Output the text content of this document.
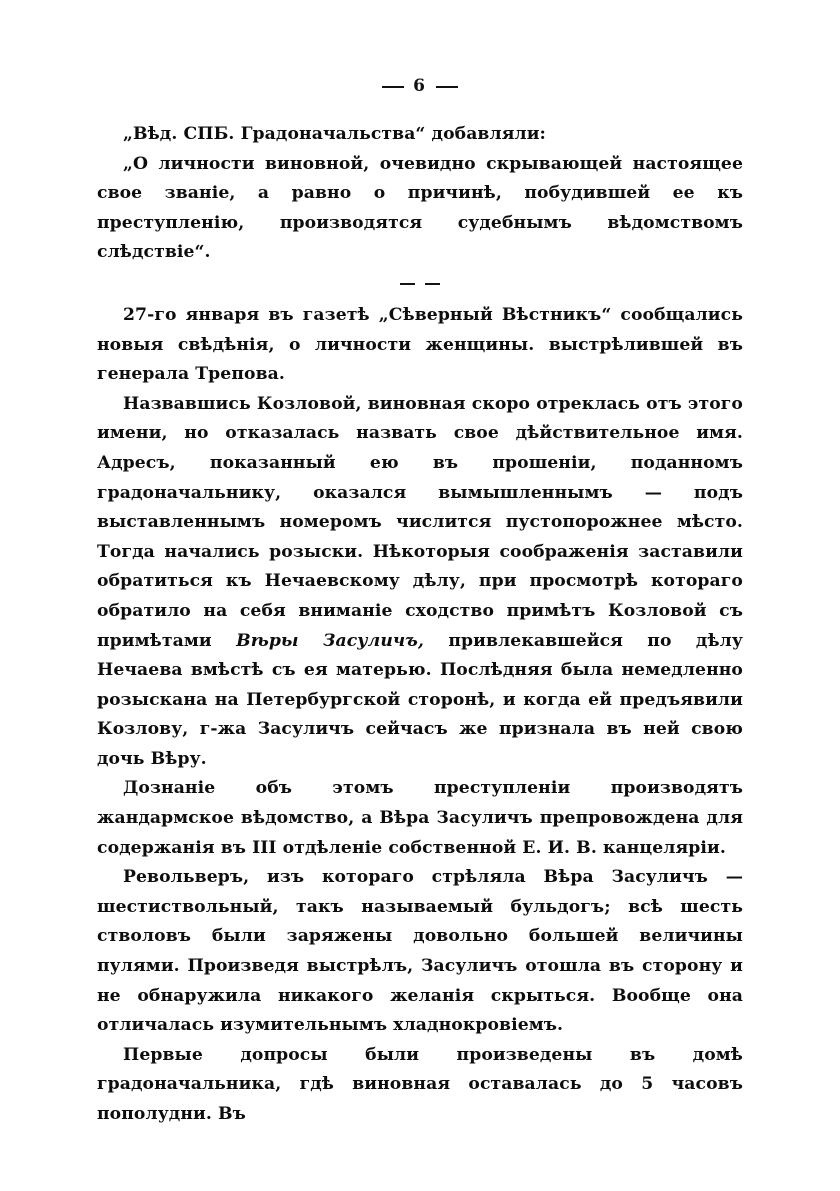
6

„Вѣд. СПБ. Градоначальства“ добавляли:

„О личности виновной, очевидно скрывающей настоящее свое званіе, а равно о причинѣ, побудившей ее къ преступленію, производятся судебнымъ вѣдомствомъ слѣдствіе“.

27-го января въ газетѣ „Сѣверный Вѣстникъ“ сообщались новыя свѣдѣнія, о личности женщины. выстрѣлившей въ генерала Трепова.

Назвавшись Козловой, виновная скоро отреклась отъ этого имени, но отказалась назвать свое дѣйствительное имя. Адресъ, показанный ею въ прошеніи, поданномъ градоначальнику, оказался вымышленнымъ — подъ выставленнымъ номеромъ числится пустопорожнее мѣсто. Тогда начались розыски. Нѣкоторыя соображенія заставили обратиться къ Нечаевскому дѣлу, при просмотрѣ котораго обратило на себя вниманіе сходство примѣтъ Козловой съ примѣтами Вѣры Засуличъ, привлекавшейся по дѣлу Нечаева вмѣстѣ съ ея матерью. Послѣдняя была немедленно розыскана на Петербургской сторонѣ, и когда ей предъявили Козлову, г-жа Засуличъ сейчасъ же признала въ ней свою дочь Вѣру.

Дознаніе объ этомъ преступленіи производятъ жандармское вѣдомство, а Вѣра Засуличъ препровождена для содержанія въ III отдѣленіе собственной Е. И. В. канцеляріи.

Револьверъ, изъ котораго стрѣляла Вѣра Засуличъ — шестиствольный, такъ называемый бульдогъ; всѣ шесть стволовъ были заряжены довольно большей величины пулями. Произведя выстрѣлъ, Засуличъ отошла въ сторону и не обнаружила никакого желанія скрыться. Вообще она отличалась изумительнымъ хладнокровіемъ.

Первые допросы были произведены въ домѣ градоначальника, гдѣ виновная оставалась до 5 часовъ пополудни. Въ
